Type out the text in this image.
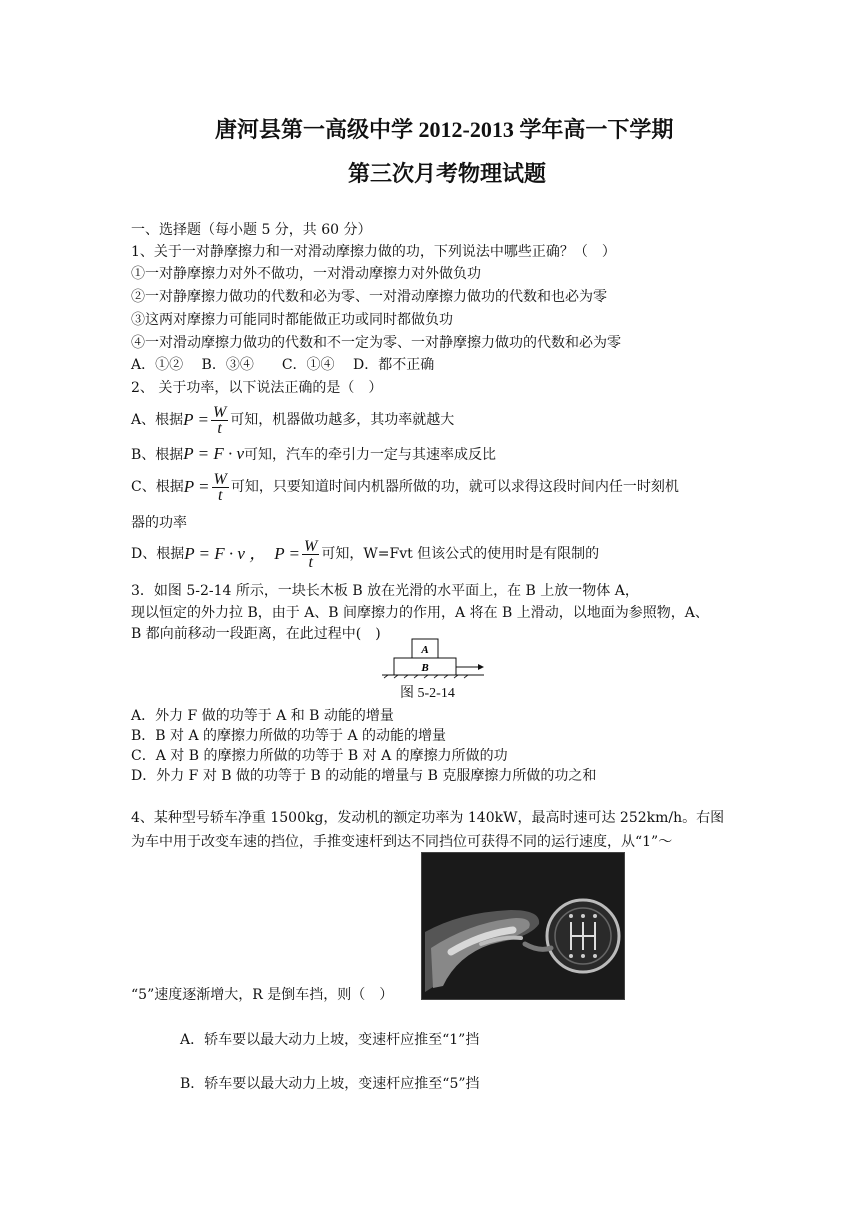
唐河县第一高级中学 2012-2013 学年高一下学期
第三次月考物理试题
一、选择题（每小题 5 分，共 60 分）
1、关于一对静摩擦力和一对滑动摩擦力做的功，下列说法中哪些正确？（　）
①一对静摩擦力对外不做功，一对滑动摩擦力对外做负功
②一对静摩擦力做功的代数和必为零、一对滑动摩擦力做功的代数和也必为零
③这两对摩擦力可能同时都能做正功或同时都做负功
④一对滑动摩擦力做功的代数和不一定为零、一对静摩擦力做功的代数和必为零
A．①②　 B．③④　　C．①④　 D．都不正确
2、 关于功率，以下说法正确的是（　）
A、根据 $P = \frac{W}{t}$ 可知，机器做功越多，其功率就越大
B、根据P = F · v可知，汽车的牵引力一定与其速率成反比
C、根据 $P = \frac{W}{t}$ 可知，只要知道时间内机器所做的功，就可以求得这段时间内任一时刻机
器的功率
D、根据 P = F · v ， $P = \frac{W}{t}$ 可知，W=Fvt 但该公式的使用时是有限制的
3．如图 5-2-14 所示，一块长木板 B 放在光滑的水平面上，在 B 上放一物体 A，
现以恒定的外力拉 B，由于 A、B 间摩擦力的作用，A 将在 B 上滑动，以地面为参照物，A、
B 都向前移动一段距离，在此过程中(　)
A
B
图 5-2-14
A．外力 F 做的功等于 A 和 B 动能的增量
B．B 对 A 的摩擦力所做的功等于 A 的动能的增量
C．A 对 B 的摩擦力所做的功等于 B 对 A 的摩擦力所做的功
D．外力 F 对 B 做的功等于 B 的动能的增量与 B 克服摩擦力所做的功之和
4、某种型号轿车净重 1500kg，发动机的额定功率为 140kW，最高时速可达 252km/h。右图
为车中用于改变车速的挡位，手推变速杆到达不同挡位可获得不同的运行速度，从“1”～
“5”速度逐渐增大，R 是倒车挡，则（　）
A．轿车要以最大动力上坡，变速杆应推至“1”挡
B．轿车要以最大动力上坡，变速杆应推至“5”挡
